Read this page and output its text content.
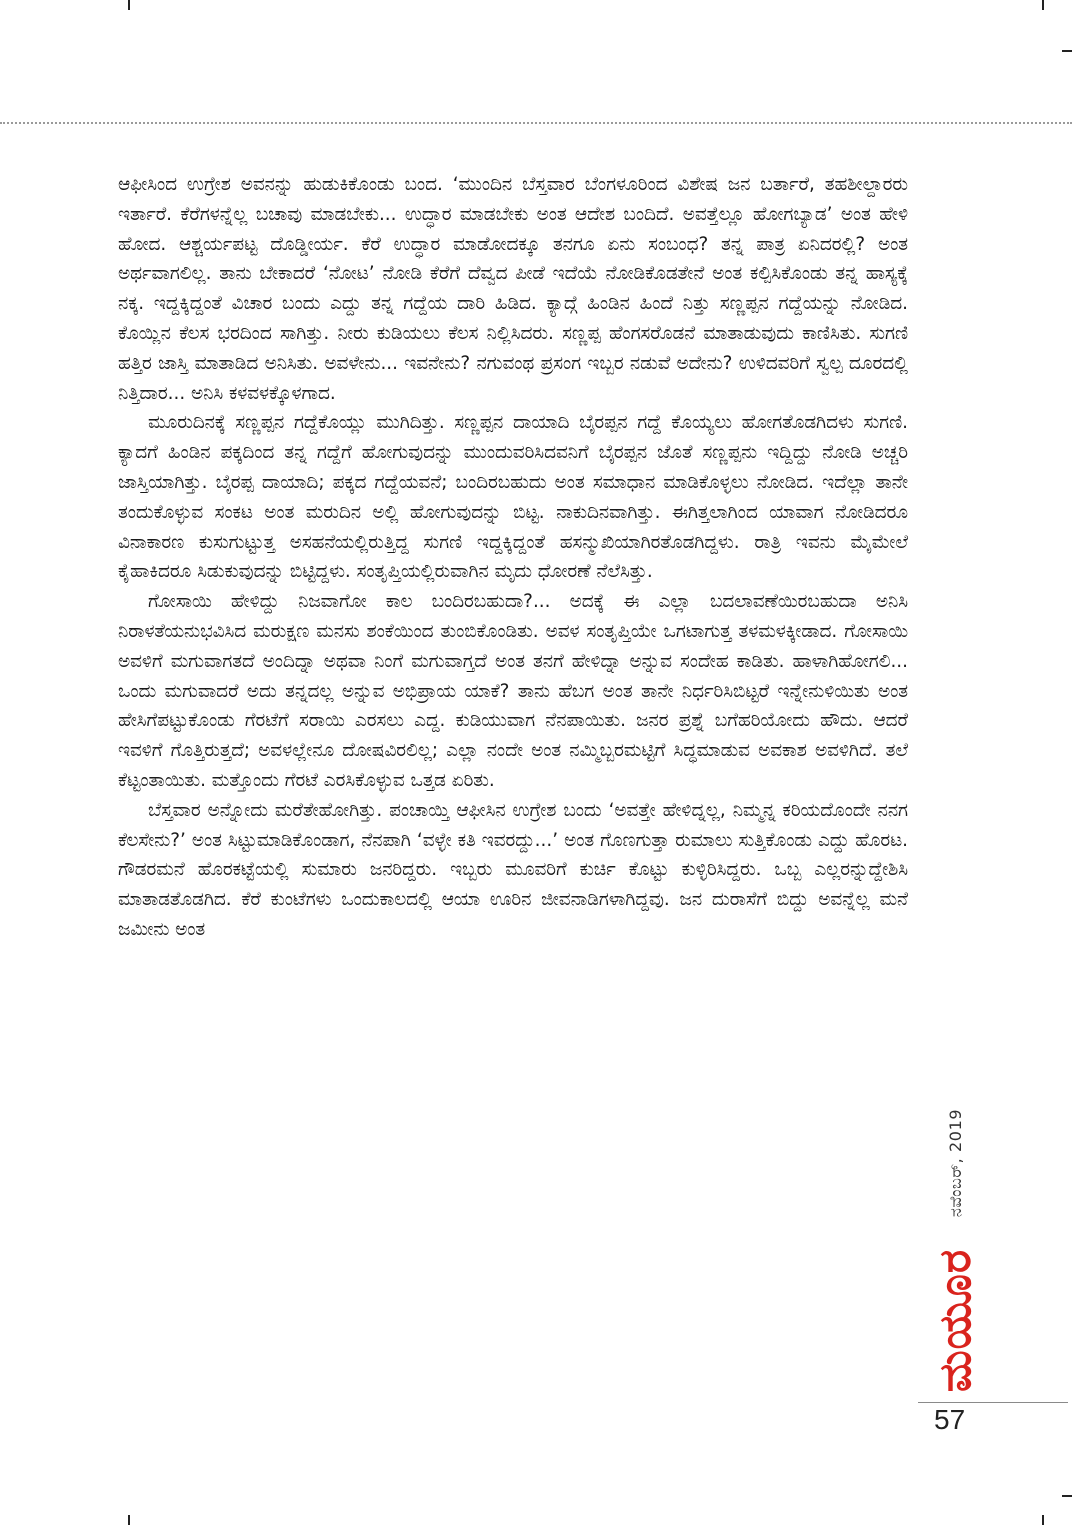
ಆಫೀಸಿಂದ ಉಗ್ರೇಶ ಅವನನ್ನು ಹುಡುಕಿಕೊಂಡು ಬಂದ. ‘ಮುಂದಿನ ಬೆಸ್ತವಾರ ಬೆಂಗಳೂರಿಂದ ವಿಶೇಷ ಜನ ಬರ್ತಾರೆ, ತಹಶೀಲ್ದಾರರು ಇರ್ತಾರೆ. ಕೆರೆಗಳನ್ನೆಲ್ಲ ಬಚಾವು ಮಾಡಬೇಕು... ಉದ್ಧಾರ ಮಾಡಬೇಕು ಅಂತ ಆದೇಶ ಬಂದಿದೆ. ಅವತ್ತೆಲ್ಲೂ ಹೋಗಬ್ಯಾಡ’ ಅಂತ ಹೇಳಿ ಹೋದ. ಆಶ್ಚರ್ಯಪಟ್ಟ ದೊಡ್ಡೀರ್ಯ. ಕೆರೆ ಉದ್ಧಾರ ಮಾಡೋದಕ್ಕೂ ತನಗೂ ಏನು ಸಂಬಂಧ? ತನ್ನ ಪಾತ್ರ ಏನಿದರಲ್ಲಿ? ಅಂತ ಅರ್ಥವಾಗಲಿಲ್ಲ. ತಾನು ಬೇಕಾದರೆ ‘ನೋಟ’ ನೋಡಿ ಕೆರೆಗೆ ದೆವ್ವದ ಪೀಡೆ ಇದೆಯೆ ನೋಡಿಕೊಡತೇನೆ ಅಂತ ಕಲ್ಪಿಸಿಕೊಂಡು ತನ್ನ ಹಾಸ್ಯಕ್ಕೆ ನಕ್ಕ. ಇದ್ದಕ್ಕಿದ್ದಂತೆ ವಿಚಾರ ಬಂದು ಎದ್ದು ತನ್ನ ಗದ್ದೆಯ ದಾರಿ ಹಿಡಿದ. ಕ್ಯಾದ್ಗೆ ಹಿಂಡಿನ ಹಿಂದೆ ನಿತ್ತು ಸಣ್ಣಪ್ಪನ ಗದ್ದೆಯನ್ನು ನೋಡಿದ. ಕೊಯ್ಲಿನ ಕೆಲಸ ಭರದಿಂದ ಸಾಗಿತ್ತು. ನೀರು ಕುಡಿಯಲು ಕೆಲಸ ನಿಲ್ಲಿಸಿದರು. ಸಣ್ಣಪ್ಪ ಹೆಂಗಸರೊಡನೆ ಮಾತಾಡುವುದು ಕಾಣಿಸಿತು. ಸುಗಣಿ ಹತ್ತಿರ ಜಾಸ್ತಿ ಮಾತಾಡಿದ ಅನಿಸಿತು. ಅವಳೇನು... ಇವನೇನು? ನಗುವಂಥ ಪ್ರಸಂಗ ಇಬ್ಬರ ನಡುವೆ ಅದೇನು? ಉಳಿದವರಿಗೆ ಸ್ವಲ್ಪ ದೂರದಲ್ಲಿ ನಿತ್ತಿದಾರ... ಅನಿಸಿ ಕಳವಳಕ್ಕೊಳಗಾದ.

ಮೂರುದಿನಕ್ಕೆ ಸಣ್ಣಪ್ಪನ ಗದ್ದೆಕೊಯ್ಲು ಮುಗಿದಿತ್ತು. ಸಣ್ಣಪ್ಪನ ದಾಯಾದಿ ಬೈರಪ್ಪನ ಗದ್ದೆ ಕೊಯ್ಯಲು ಹೋಗತೊಡಗಿದಳು ಸುಗಣಿ. ಕ್ಯಾದಗೆ ಹಿಂಡಿನ ಪಕ್ಕದಿಂದ ತನ್ನ ಗದ್ದೆಗೆ ಹೋಗುವುದನ್ನು ಮುಂದುವರಿಸಿದವನಿಗೆ ಬೈರಪ್ಪನ ಜೊತೆ ಸಣ್ಣಪ್ಪನು ಇದ್ದಿದ್ದು ನೋಡಿ ಅಚ್ಚರಿ ಜಾಸ್ತಿಯಾಗಿತ್ತು. ಬೈರಪ್ಪ ದಾಯಾದಿ; ಪಕ್ಕದ ಗದ್ದೆಯವನೆ; ಬಂದಿರಬಹುದು ಅಂತ ಸಮಾಧಾನ ಮಾಡಿಕೊಳ್ಳಲು ನೋಡಿದ. ಇದೆಲ್ಲಾ ತಾನೇ ತಂದುಕೊಳ್ಳುವ ಸಂಕಟ ಅಂತ ಮರುದಿನ ಅಲ್ಲಿ ಹೋಗುವುದನ್ನು ಬಿಟ್ಟ. ನಾಕುದಿನವಾಗಿತ್ತು. ಈಗಿತ್ತಲಾಗಿಂದ ಯಾವಾಗ ನೋಡಿದರೂ ವಿನಾಕಾರಣ ಕುಸುಗುಟ್ಟುತ್ತ ಅಸಹನೆಯಲ್ಲಿರುತ್ತಿದ್ದ ಸುಗಣಿ ಇದ್ದಕ್ಕಿದ್ದಂತೆ ಹಸನ್ಮುಖಿಯಾಗಿರತೊಡಗಿದ್ದಳು. ರಾತ್ರಿ ಇವನು ಮೈಮೇಲೆ ಕೈಹಾಕಿದರೂ ಸಿಡುಕುವುದನ್ನು ಬಿಟ್ಟಿದ್ದಳು. ಸಂತೃಪ್ತಿಯಲ್ಲಿರುವಾಗಿನ ಮೃದು ಧೋರಣೆ ನೆಲೆಸಿತ್ತು.

ಗೋಸಾಯಿ ಹೇಳಿದ್ದು ನಿಜವಾಗೋ ಕಾಲ ಬಂದಿರಬಹುದಾ?... ಅದಕ್ಕೆ ಈ ಎಲ್ಲಾ ಬದಲಾವಣೆಯಿರಬಹುದಾ ಅನಿಸಿ ನಿರಾಳತೆಯನುಭವಿಸಿದ ಮರುಕ್ಷಣ ಮನಸು ಶಂಕೆಯಿಂದ ತುಂಬಿಕೊಂಡಿತು. ಅವಳ ಸಂತೃಪ್ತಿಯೇ ಒಗಟಾಗುತ್ತ ತಳಮಳಕ್ಕೀಡಾದ. ಗೋಸಾಯಿ ಅವಳಿಗೆ ಮಗುವಾಗತದೆ ಅಂದಿದ್ನಾ ಅಥವಾ ನಿಂಗೆ ಮಗುವಾಗ್ತದೆ ಅಂತ ತನಗೆ ಹೇಳಿದ್ನಾ ಅನ್ನುವ ಸಂದೇಹ ಕಾಡಿತು. ಹಾಳಾಗಿಹೋಗಲಿ... ಒಂದು ಮಗುವಾದರೆ ಅದು ತನ್ನದಲ್ಲ ಅನ್ನುವ ಅಭಿಪ್ರಾಯ ಯಾಕೆ? ತಾನು ಹೆಬಗ ಅಂತ ತಾನೇ ನಿರ್ಧರಿಸಿಬಿಟ್ಟರೆ ಇನ್ನೇನುಳಿಯಿತು ಅಂತ ಹೇಸಿಗೆಪಟ್ಟುಕೊಂಡು ಗೆರಟೆಗೆ ಸರಾಯಿ ಎರಸಲು ಎದ್ದ. ಕುಡಿಯುವಾಗ ನೆನಪಾಯಿತು. ಜನರ ಪ್ರಶ್ನೆ ಬಗೆಹರಿಯೋದು ಹೌದು. ಆದರೆ ಇವಳಿಗೆ ಗೊತ್ತಿರುತ್ತದೆ; ಅವಳಲ್ಲೇನೂ ದೋಷವಿರಲಿಲ್ಲ; ಎಲ್ಲಾ ನಂದೇ ಅಂತ ನಮ್ಮಿಬ್ಬರಮಟ್ಟಿಗೆ ಸಿದ್ಧಮಾಡುವ ಅವಕಾಶ ಅವಳಿಗಿದೆ. ತಲೆ ಕೆಟ್ಟಂತಾಯಿತು. ಮತ್ತೊಂದು ಗೆರಟೆ ಎರಸಿಕೊಳ್ಳುವ ಒತ್ತಡ ಏರಿತು.

ಬೆಸ್ತವಾರ ಅನ್ನೋದು ಮರೆತೇಹೋಗಿತ್ತು. ಪಂಚಾಯ್ತಿ ಆಫೀಸಿನ ಉಗ್ರೇಶ ಬಂದು ‘ಅವತ್ತೇ ಹೇಳಿದ್ನಲ್ಲ, ನಿಮ್ಮನ್ನ ಕರಿಯದೊಂದೇ ನನಗ ಕೆಲಸೇನು?’ ಅಂತ ಸಿಟ್ಟುಮಾಡಿಕೊಂಡಾಗ, ನೆನಪಾಗಿ ‘ವಳ್ಳೇ ಕತಿ ಇವರದ್ದು...’ ಅಂತ ಗೊಣಗುತ್ತಾ ರುಮಾಲು ಸುತ್ತಿಕೊಂಡು ಎದ್ದು ಹೊರಟ. ಗೌಡರಮನೆ ಹೊರಕಟ್ಟೆಯಲ್ಲಿ ಸುಮಾರು ಜನರಿದ್ದರು. ಇಬ್ಬರು ಮೂವರಿಗೆ ಕುರ್ಚಿ ಕೊಟ್ಟು ಕುಳ್ಳಿರಿಸಿದ್ದರು. ಒಬ್ಬ ಎಲ್ಲರನ್ನುದ್ದೇಶಿಸಿ ಮಾತಾಡತೊಡಗಿದ. ಕೆರೆ ಕುಂಟೆಗಳು ಒಂದುಕಾಲದಲ್ಲಿ ಆಯಾ ಊರಿನ ಜೀವನಾಡಿಗಳಾಗಿದ್ದವು. ಜನ ದುರಾಸೆಗೆ ಬಿದ್ದು ಅವನ್ನೆಲ್ಲ ಮನೆ ಜಮೀನು ಅಂತ

ನವೆಂಬರ್, 2019
ಮಯೂರ
57
